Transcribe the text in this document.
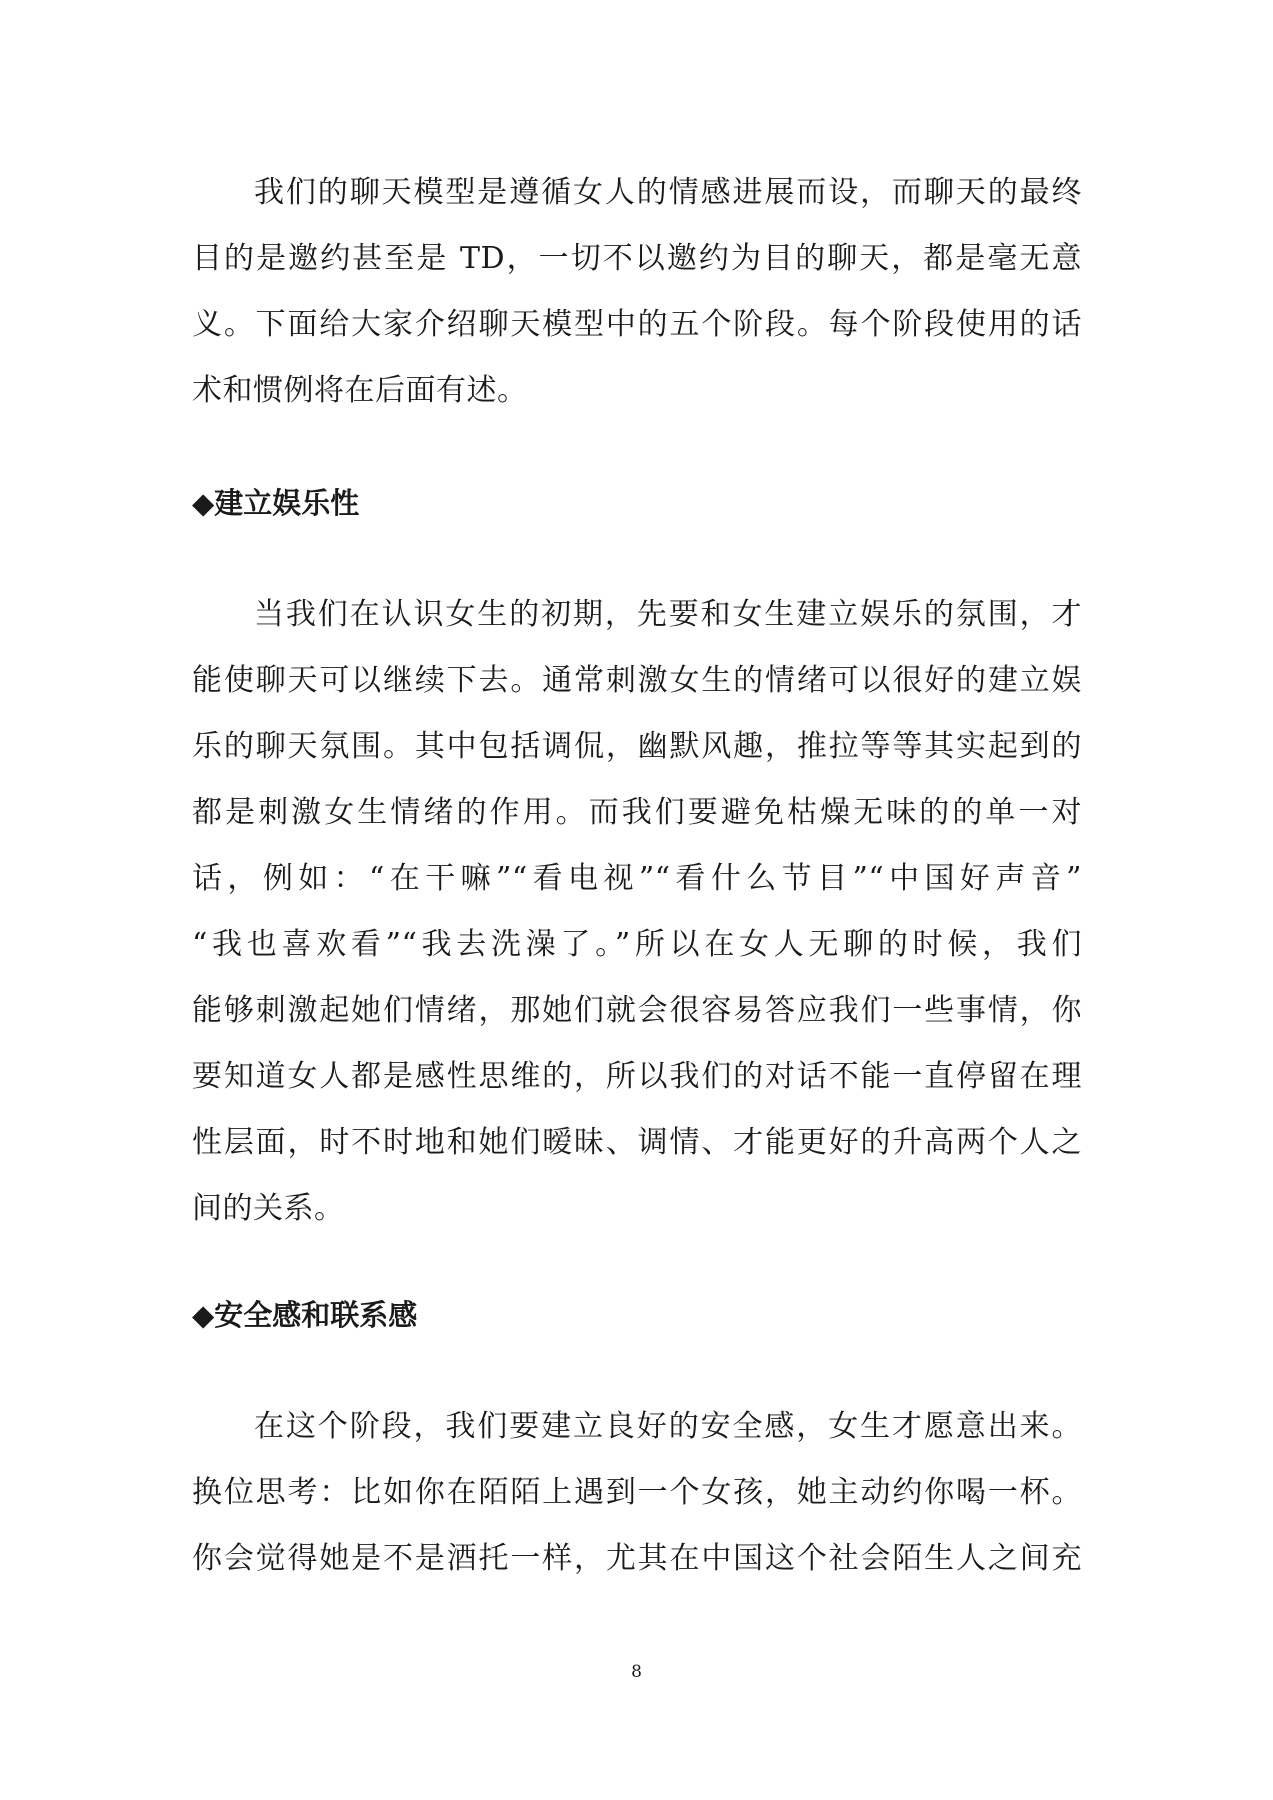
我们的聊天模型是遵循女人的情感进展而设，而聊天的最终
目的是邀约甚至是 TD，一切不以邀约为目的聊天，都是毫无意
义。下面给大家介绍聊天模型中的五个阶段。每个阶段使用的话
术和惯例将在后面有述。
◆建立娱乐性
当我们在认识女生的初期，先要和女生建立娱乐的氛围，才
能使聊天可以继续下去。通常刺激女生的情绪可以很好的建立娱
乐的聊天氛围。其中包括调侃，幽默风趣，推拉等等其实起到的
都是刺激女生情绪的作用。而我们要避免枯燥无味的的单一对
话，例如：“在干嘛”“看电视”“看什么节目”“中国好声音”
“我也喜欢看”“我去洗澡了。”所以在女人无聊的时候，我们
能够刺激起她们情绪，那她们就会很容易答应我们一些事情，你
要知道女人都是感性思维的，所以我们的对话不能一直停留在理
性层面，时不时地和她们暧昧、调情、才能更好的升高两个人之
间的关系。
◆安全感和联系感
在这个阶段，我们要建立良好的安全感，女生才愿意出来。
换位思考：比如你在陌陌上遇到一个女孩，她主动约你喝一杯。
你会觉得她是不是酒托一样，尤其在中国这个社会陌生人之间充
8
